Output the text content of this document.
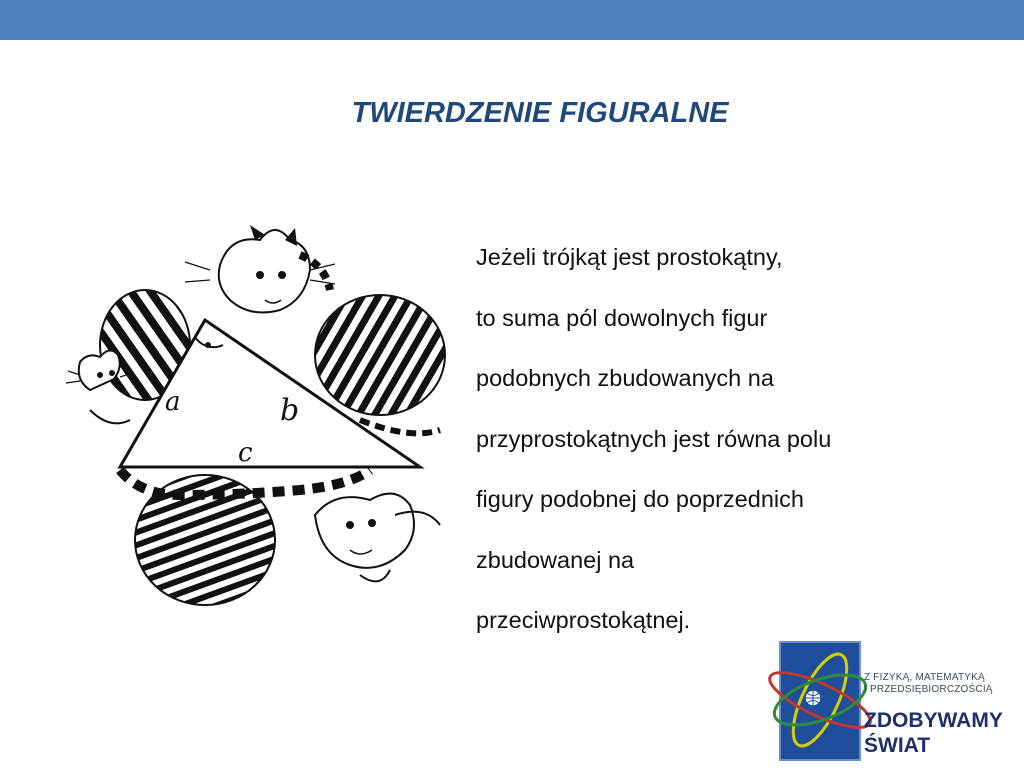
TWIERDZENIE FIGURALNE
a	b
c
Jeżeli trójkąt jest prostokątny,
to suma pól dowolnych figur
podobnych zbudowanych na
przyprostokątnych jest równa polu
figury podobnej do poprzednich
zbudowanej na
przeciwprostokątnej.
Z FIZYKĄ, MATEMATYKĄ
I PRZEDSIĘBIORCZOŚCIĄ
ZDOBYWAMY
ŚWIAT
